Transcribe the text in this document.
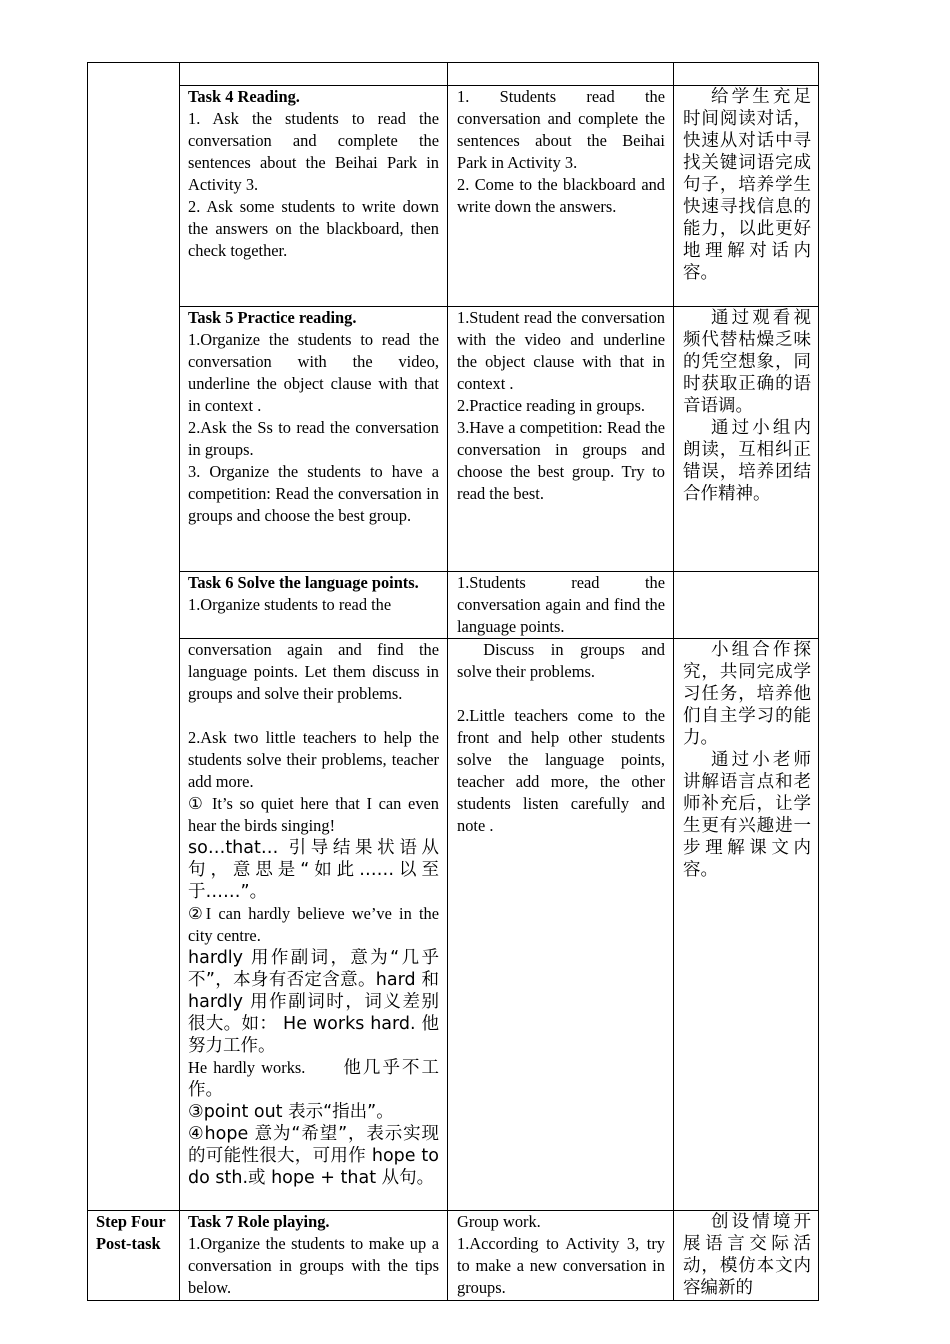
Task 4 Reading.

1. Ask the students to read the conversation and complete the sentences about the Beihai Park in Activity 3.

2. Ask some students to write down the answers on the blackboard, then check together.

1. Students read the conversation and complete the sentences about the Beihai Park in Activity 3.

2. Come to the blackboard and write down the answers.

给学生充足时间阅读对话，快速从对话中寻找关键词语完成句子，培养学生快速寻找信息的能力，以此更好地理解对话内容。

Task 5 Practice reading.

1.Organize the students to read the conversation with the video, underline the object clause with that in context .

2.Ask the Ss to read the conversation in groups.

3. Organize the students to have a competition: Read the conversation in groups and choose the best group.

1.Student read the conversation with the video and underline the object clause with that in context .

2.Practice reading in groups.

3.Have a competition: Read the conversation in groups and choose the best group. Try to read the best.

通过观看视频代替枯燥乏味的凭空想象，同时获取正确的语音语调。

通过小组内朗读，互相纠正错误，培养团结合作精神。

Task 6 Solve the language points.

1.Organize students to read the

1.Students read the conversation again and find the language points.

conversation again and find the language points. Let them discuss in groups and solve their problems.

2.Ask two little teachers to help the students solve their problems, teacher add more.

① It’s so quiet here that I can even hear the birds singing!

so…that… 引导结果状语从句，意思是“如此……以至于……”。

②I can hardly believe we’ve in the city centre.

hardly 用作副词，意为“几乎不”，本身有否定含意。hard 和 hardly 用作副词时，词义差别很大。如： He works hard. 他努力工作。

He hardly works. 他几乎不工作。

③point out 表示“指出”。

④hope 意为“希望”，表示实现的可能性很大，可用作 hope to do sth.或 hope + that 从句。

Discuss in groups and solve their problems.

2.Little teachers come to the front and help other students solve the language points, teacher add more, the other students listen carefully and note .

小组合作探究，共同完成学习任务，培养他们自主学习的能力。

通过小老师讲解语言点和老师补充后，让学生更有兴趣进一步理解课文内容。

Step Four Post-task

Task 7 Role playing.

1.Organize the students to make up a conversation in groups with the tips below.

Group work.

1.According to Activity 3, try to make a new conversation in groups.

创设情境开展语言交际活动，模仿本文内容编新的
